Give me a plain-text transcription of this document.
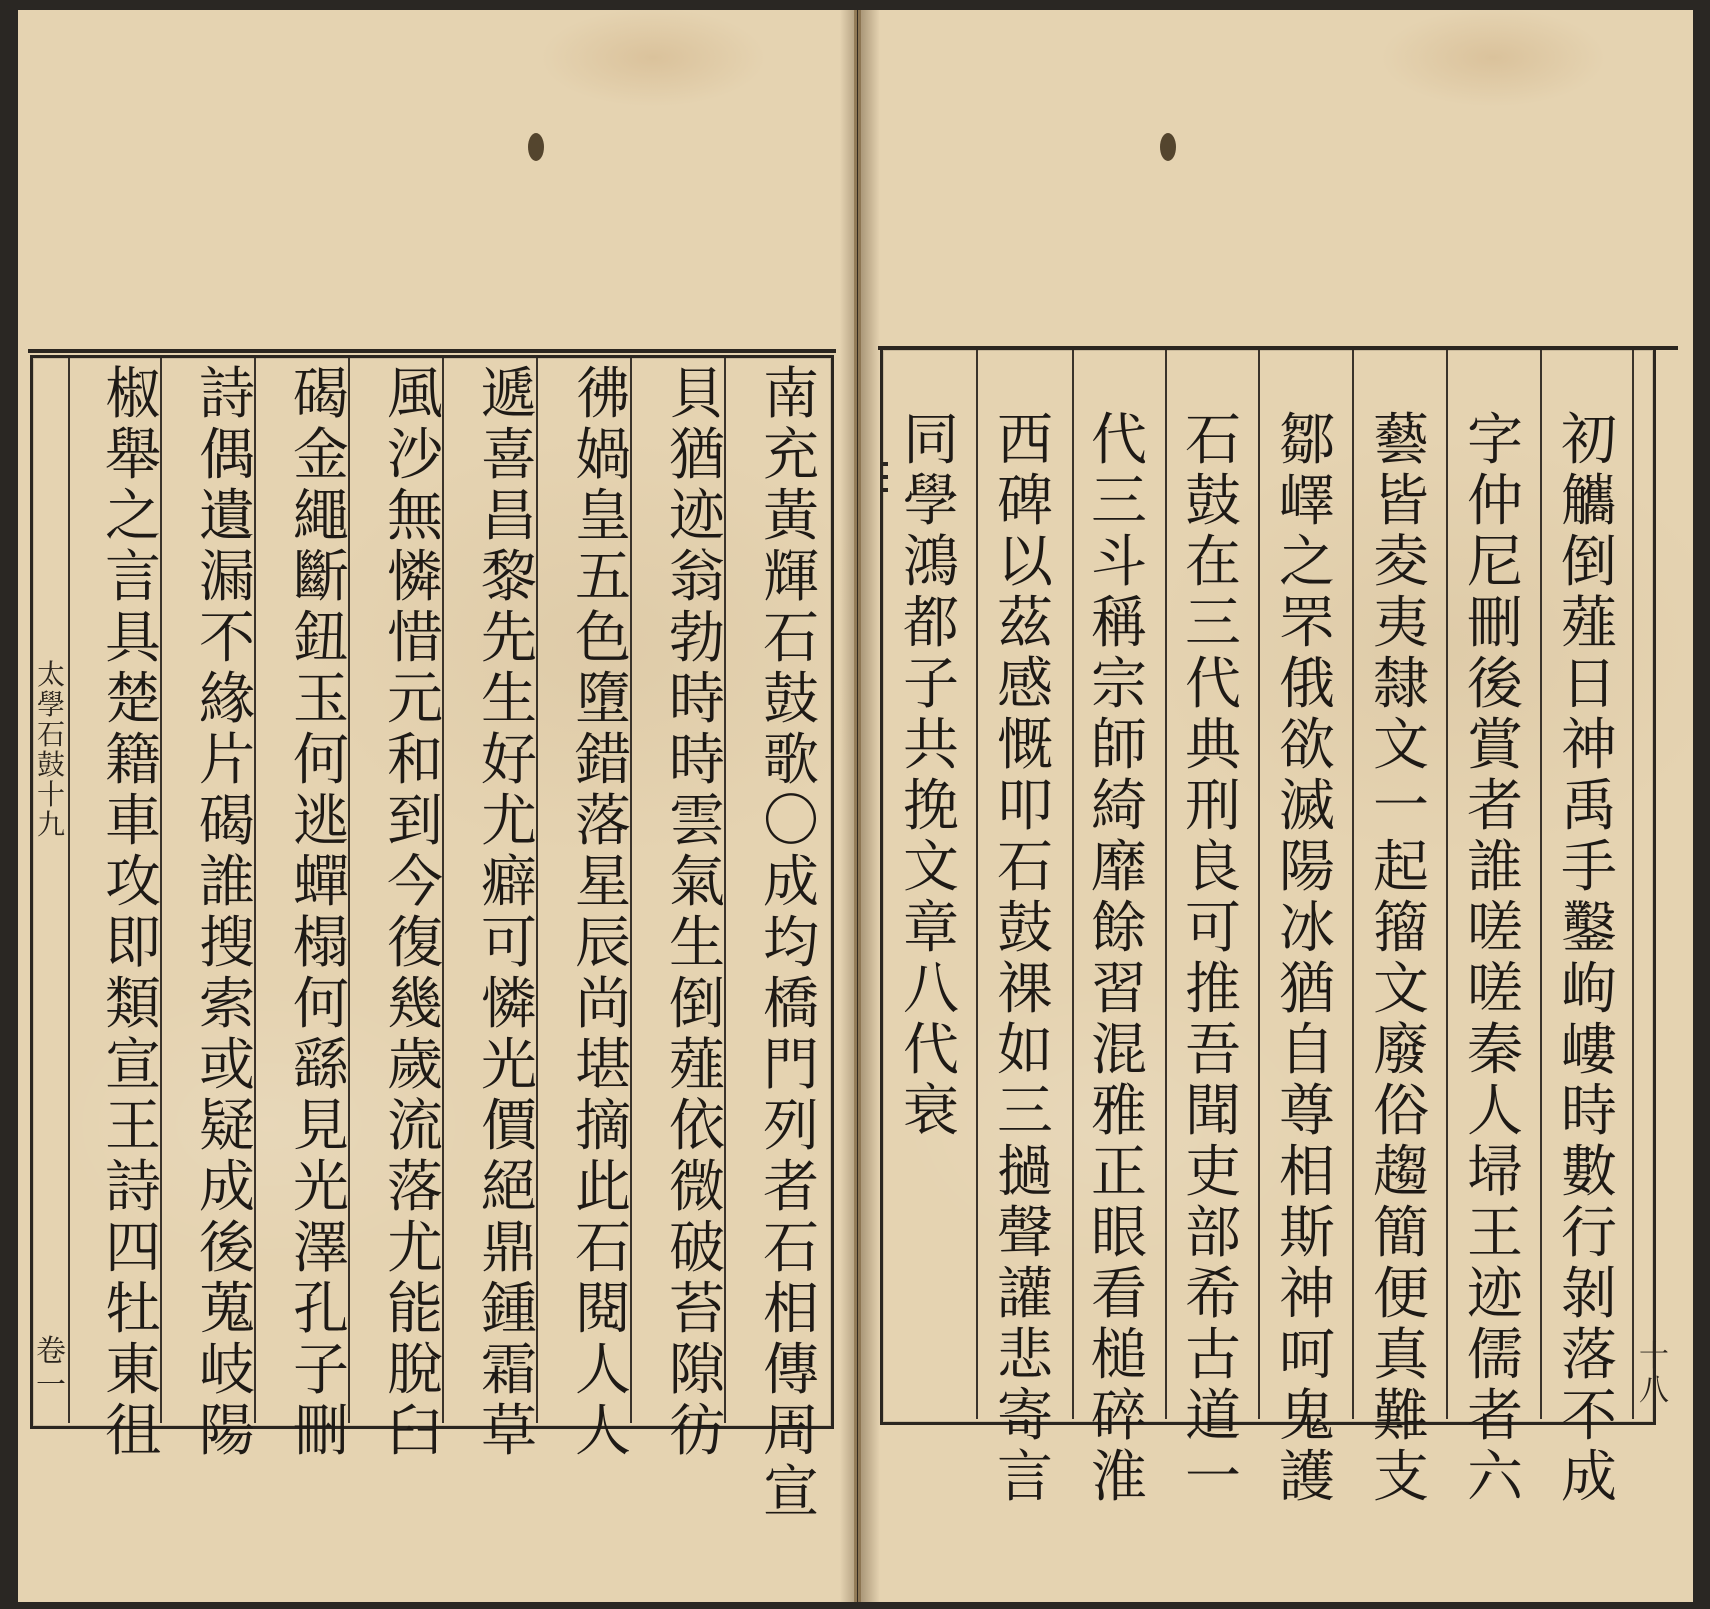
南充黃輝石鼓歌〇成均橋門列者石相傳周宣
貝猶迹翁勃時時雲氣生倒薤依微破苔隙彷
彿媧皇五色墮錯落星辰尚堪摘此石閱人人
遞喜昌黎先生好尤癖可憐光價絕鼎鍾霜草
風沙無憐惜元和到今復幾歲流落尤能脫臼
碣金繩斷鈕玉何逃蟬榻何繇見光澤孔子刪
詩偶遺漏不緣片碣誰搜索或疑成後蒐岐陽
椒舉之言具楚籍車攻即類宣王詩四牡東徂
太學石鼓十九
卷一
初觿倒薤日神禹手鑿岣嶁時數行剝落不成
字仲尼刪後賞者誰嗟嗟秦人埽王迹儒者六
藝皆夌夷隸文一起籀文廢俗趨簡便真難支
鄒嶧之罘俄欲滅陽冰猶自尊相斯神呵鬼護
石鼓在三代典刑良可推吾聞吏部希古道一
代三斗稱宗師綺靡餘習混雅正眼看槌碎淮
西碑以茲感慨叩石鼓祼如三撾聲讙悲寄言
同學鴻都子共挽文章八代衰
十八
